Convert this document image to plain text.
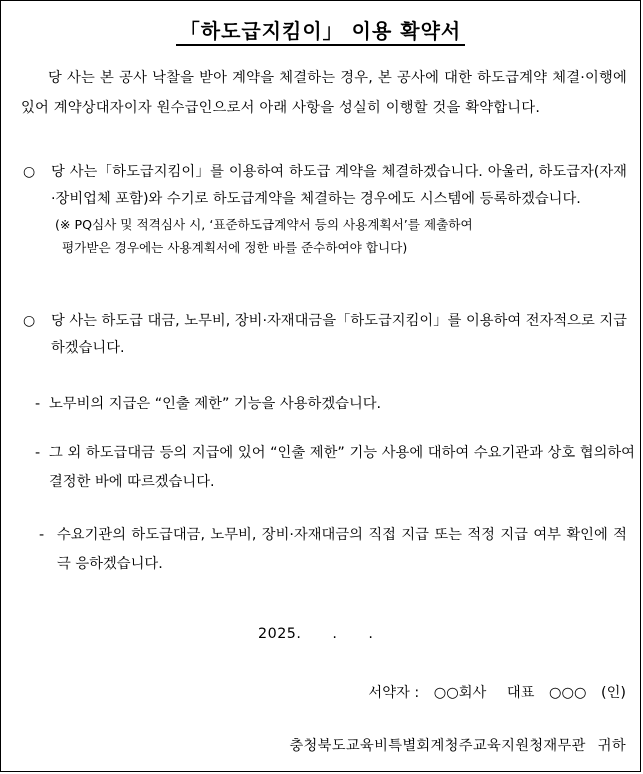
「하도급지킴이」 이용 확약서
당 사는 본 공사 낙찰을 받아 계약을 체결하는 경우, 본 공사에 대한 하도급계약 체결·이행에 있어 계약상대자이자 원수급인으로서 아래 사항을 성실히 이행할 것을 확약합니다.
○ 당 사는「하도급지킴이」를 이용하여 하도급 계약을 체결하겠습니다. 아울러, 하도급자(자재·장비업체 포함)와 수기로 하도급계약을 체결하는 경우에도 시스템에 등록하겠습니다.
(※ PQ심사 및 적격심사 시, ‘표준하도급계약서 등의 사용계획서’를 제출하여
평가받은 경우에는 사용계획서에 정한 바를 준수하여야 합니다)
○ 당 사는 하도급 대금, 노무비, 장비·자재대금을「하도급지킴이」를 이용하여 전자적으로 지급하겠습니다.
- 노무비의 지급은 “인출 제한” 기능을 사용하겠습니다.
- 그 외 하도급대금 등의 지급에 있어 “인출 제한” 기능 사용에 대하여 수요기관과 상호 협의하여 결정한 바에 따르겠습니다.
- 수요기관의 하도급대금, 노무비, 장비·자재대금의 직접 지급 또는 적정 지급 여부 확인에 적극 응하겠습니다.
2025. . .
서약자 : ○○회사 대표 ○○○ (인)
충청북도교육비특별회계청주교육지원청재무관 귀하
